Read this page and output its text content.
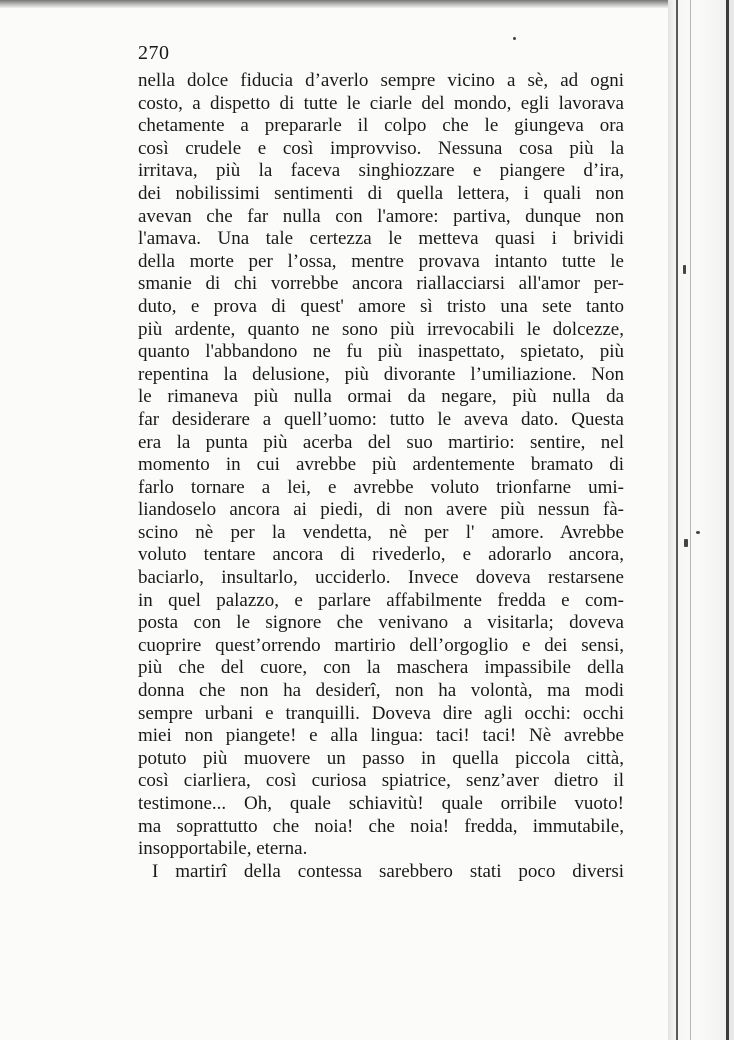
270
nella dolce fiducia d’averlo sempre vicino a sè, ad ogni
costo, a dispetto di tutte le ciarle del mondo, egli lavorava
chetamente a prepararle il colpo che le giungeva ora
così crudele e così improvviso. Nessuna cosa più la
irritava, più la faceva singhiozzare e piangere d’ira,
dei nobilissimi sentimenti di quella lettera, i quali non
avevan che far nulla con l'amore: partiva, dunque non
l'amava. Una tale certezza le metteva quasi i brividi
della morte per l’ossa, mentre provava intanto tutte le
smanie di chi vorrebbe ancora riallacciarsi all'amor per-
duto, e prova di quest' amore sì tristo una sete tanto
più ardente, quanto ne sono più irrevocabili le dolcezze,
quanto l'abbandono ne fu più inaspettato, spietato, più
repentina la delusione, più divorante l’umiliazione. Non
le rimaneva più nulla ormai da negare, più nulla da
far desiderare a quell’uomo: tutto le aveva dato. Questa
era la punta più acerba del suo martirio: sentire, nel
momento in cui avrebbe più ardentemente bramato di
farlo tornare a lei, e avrebbe voluto trionfarne umi-
liandoselo ancora ai piedi, di non avere più nessun fà-
scino nè per la vendetta, nè per l' amore. Avrebbe
voluto tentare ancora di rivederlo, e adorarlo ancora,
baciarlo, insultarlo, ucciderlo. Invece doveva restarsene
in quel palazzo, e parlare affabilmente fredda e com-
posta con le signore che venivano a visitarla; doveva
cuoprire quest’orrendo martirio dell’orgoglio e dei sensi,
più che del cuore, con la maschera impassibile della
donna che non ha desiderî, non ha volontà, ma modi
sempre urbani e tranquilli. Doveva dire agli occhi: occhi
miei non piangete! e alla lingua: taci! taci! Nè avrebbe
potuto più muovere un passo in quella piccola città,
così ciarliera, così curiosa spiatrice, senz’aver dietro il
testimone... Oh, quale schiavitù! quale orribile vuoto!
ma soprattutto che noia! che noia! fredda, immutabile,
insopportabile, eterna.
I martirî della contessa sarebbero stati poco diversi
